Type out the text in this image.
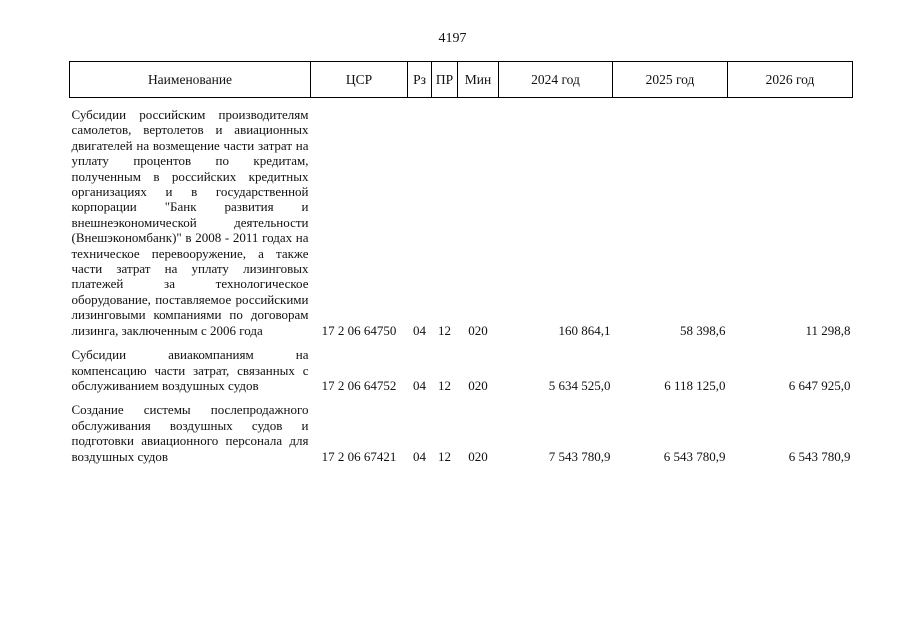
4197
Наименование	ЦСР	Рз	ПР	Мин	2024 год	2025 год	2026 год

Субсидии российским производителям самолетов, вертолетов и авиационных двигателей на возмещение части затрат на уплату процентов по кредитам, полученным в российских кредитных организациях и в государственной корпорации "Банк развития и внешнеэкономической деятельности (Внешэкономбанк)" в 2008 - 2011 годах на техническое перевооружение, а также части затрат на уплату лизинговых платежей за технологическое оборудование, поставляемое российскими лизинговыми компаниями по договорам лизинга, заключенным с 2006 года	17 2 06 64750	04	12	020	160 864,1	58 398,6	11 298,8

Субсидии авиакомпаниям на компенсацию части затрат, связанных с обслуживанием воздушных судов	17 2 06 64752	04	12	020	5 634 525,0	6 118 125,0	6 647 925,0

Создание системы послепродажного обслуживания воздушных судов и подготовки авиационного персонала для воздушных судов	17 2 06 67421	04	12	020	7 543 780,9	6 543 780,9	6 543 780,9
